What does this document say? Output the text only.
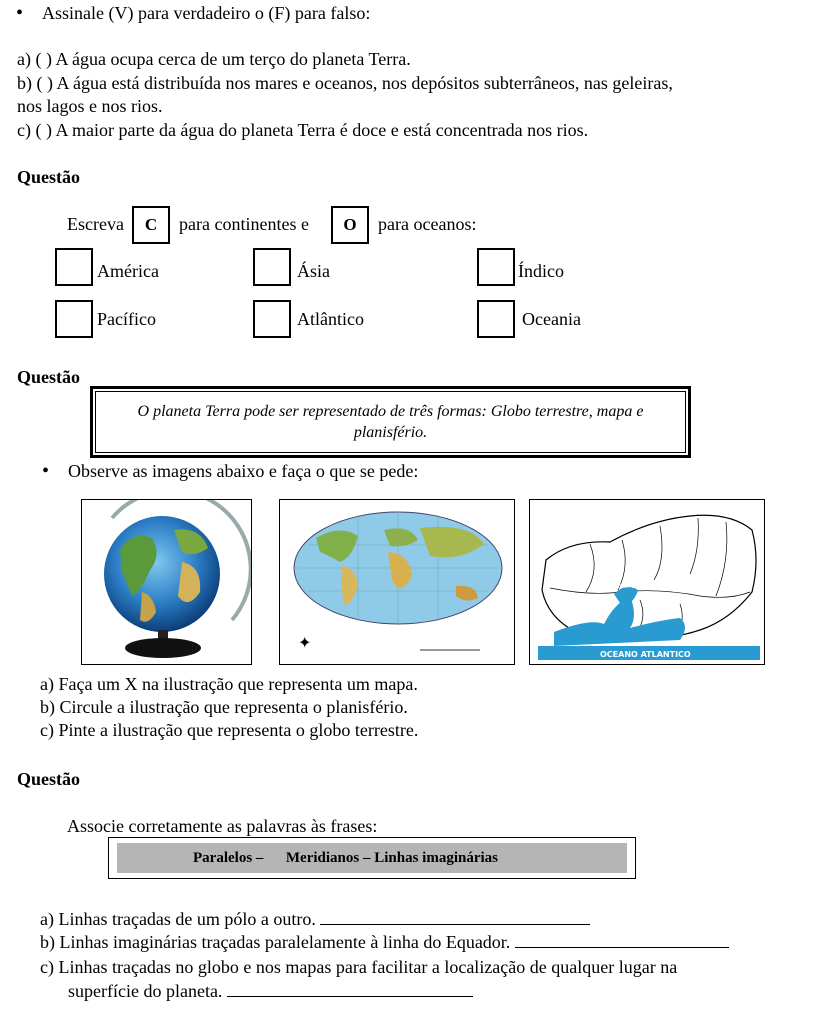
• Assinale (V) para verdadeiro o (F) para falso:
a) ( ) A água ocupa cerca de um terço do planeta Terra.
b) ( ) A água está distribuída nos mares e oceanos, nos depósitos subterrâneos, nas geleiras,
nos lagos e nos rios.
c) ( ) A maior parte da água do planeta Terra é doce e está concentrada nos rios.
Questão
Escreva	C	para continentes e	O	para oceanos:
América	Ásia	Índico
Pacífico	Atlântico	Oceania
Questão
O planeta Terra pode ser representado de três formas: Globo terrestre, mapa e planisfério.
• Observe as imagens abaixo e faça o que se pede:
✦
OCEANO ATLANTICO
BAÍA DE GUANABARA
a) Faça um X na ilustração que representa um mapa.
b) Circule a ilustração que representa o planisfério.
c) Pinte a ilustração que representa o globo terrestre.
Questão
Associe corretamente as palavras às frases:
Paralelos –      Meridianos – Linhas imaginárias
a) Linhas traçadas de um pólo a outro.
b) Linhas imaginárias traçadas paralelamente à linha do Equador.
c) Linhas traçadas no globo e nos mapas para facilitar a localização de qualquer lugar na
superfície do planeta.
